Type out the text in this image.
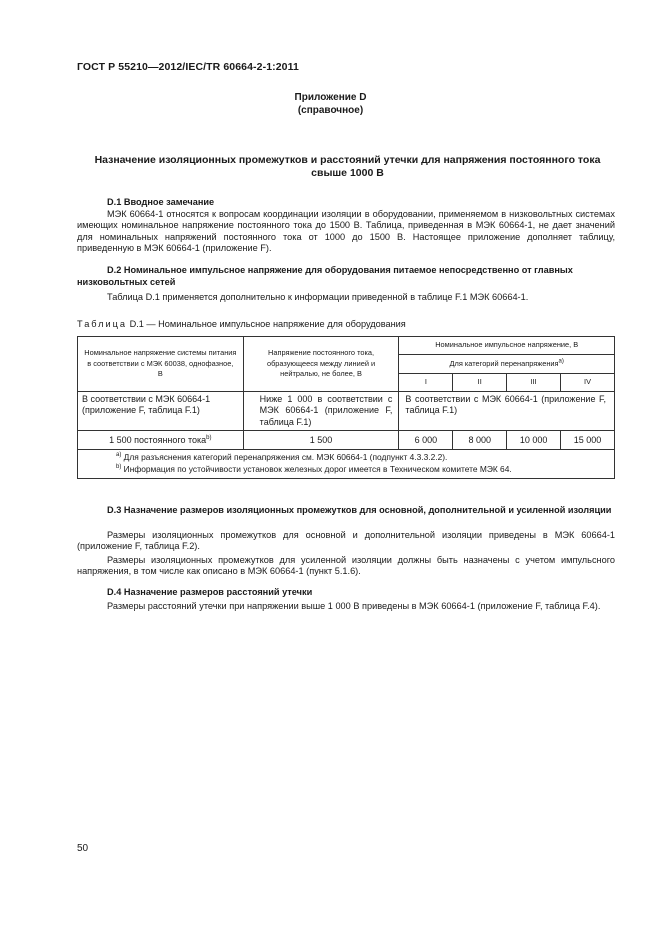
ГОСТ Р 55210—2012/IEC/TR 60664-2-1:2011
Приложение D
(справочное)
Назначение изоляционных промежутков и расстояний утечки для напряжения постоянного тока свыше 1000 В
D.1 Вводное замечание
МЭК 60664-1 относятся к вопросам координации изоляции в оборудовании, применяемом в низковольтных системах имеющих номинальное напряжение постоянного тока до 1500 В. Таблица, приведенная в МЭК 60664-1, не дает значений для номинальных напряжений постоянного тока от 1000 до 1500 В. Настоящее приложение дополняет таблицу, приведенную в МЭК 60664-1 (приложение F).
D.2 Номинальное импульсное напряжение для оборудования питаемое непосредственно от главных низковольтных сетей
Таблица D.1 применяется дополнительно к информации приведенной в таблице F.1 МЭК 60664-1.
Таблица D.1 — Номинальное импульсное напряжение для оборудования
Номинальное напряжение системы питания в соответствии с МЭК 60038, однофазное, В	Напряжение постоянного тока, образующееся между линией и нейтралью, не более, В	Номинальное импульсное напряжение, В			
		Для категорий перенапряжения$^{а)}$
		I	II	III	IV
В соответствии с МЭК 60664-1 (приложение F, таблица F.1)	Ниже 1 000 в соответствии с МЭК 60664-1 (приложение F, таблица F.1)	В соответствии с МЭК 60664-1 (приложение F, таблица F.1)			
1 500 постоянного тока$^{b)}$	1 500	6 000	8 000	10 000	15 000

$^{а)}$ Для разъяснения категорий перенапряжения см. МЭК 60664-1 (подпункт 4.3.3.2.2).
$^{b)}$ Информация по устойчивости установок железных дорог имеется в Техническом комитете МЭК 64.					
D.3 Назначение размеров изоляционных промежутков для основной, дополнительной и усиленной изоляции
Размеры изоляционных промежутков для основной и дополнительной изоляции приведены в МЭК 60664-1 (приложение F, таблица F.2).
Размеры изоляционных промежутков для усиленной изоляции должны быть назначены с учетом импульсного напряжения, в том числе как описано в МЭК 60664-1 (пункт 5.1.6).
D.4 Назначение размеров расстояний утечки
Размеры расстояний утечки при напряжении выше 1 000 В приведены в МЭК 60664-1 (приложение F, таблица F.4).
50
